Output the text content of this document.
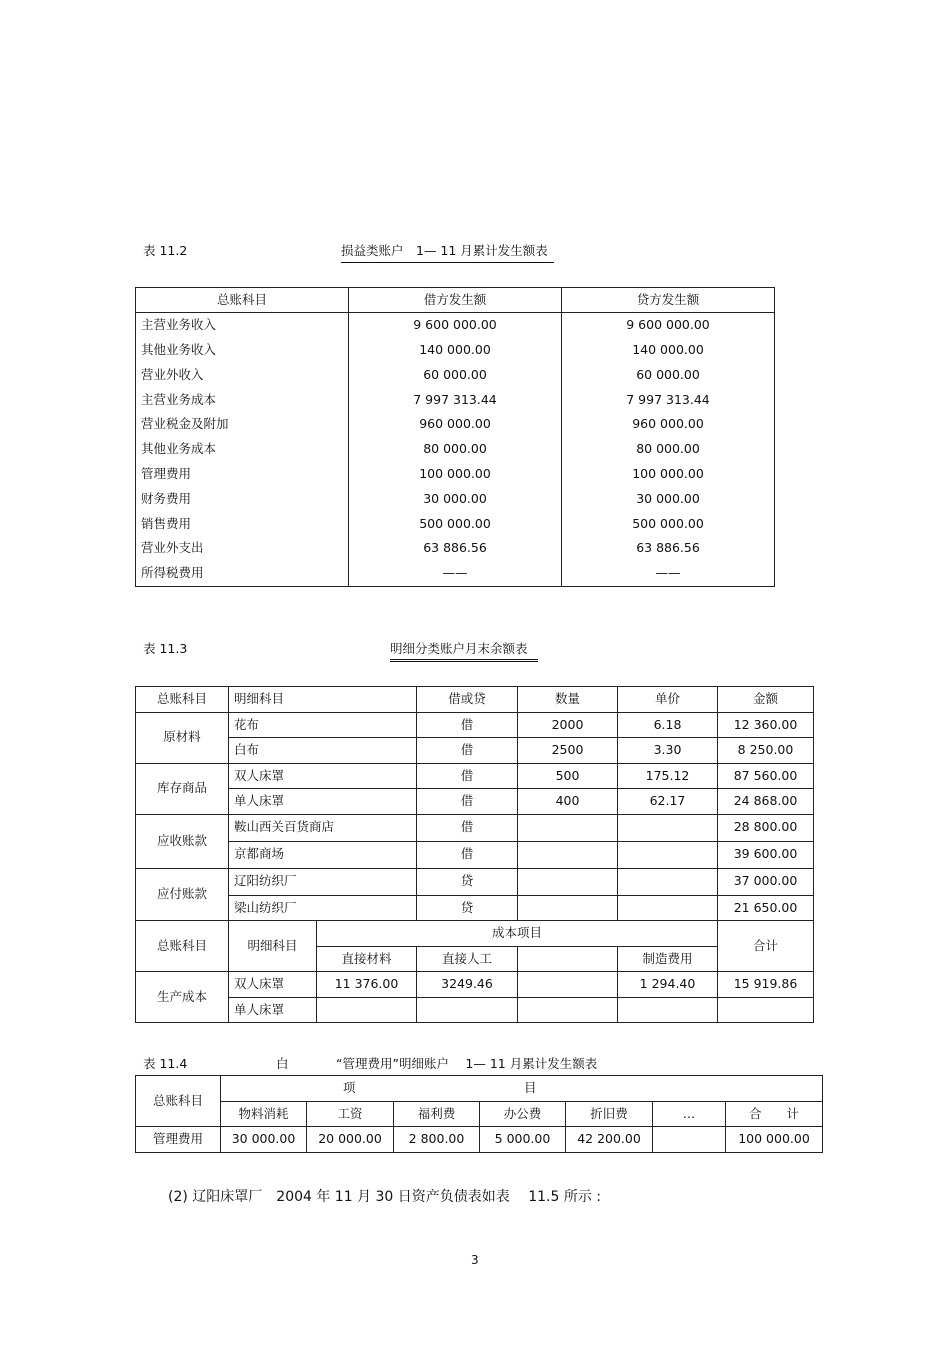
表 11.2	损益类账户　1— 11 月累计发生额表
总账科目	借方发生额	贷方发生额
主营业务收入	9 600 000.00	9 600 000.00
其他业务收入	140 000.00	140 000.00
营业外收入	60 000.00	60 000.00
主营业务成本	7 997 313.44	7 997 313.44
营业税金及附加	960 000.00	960 000.00
其他业务成本	80 000.00	80 000.00
管理费用	100 000.00	100 000.00
财务费用	30 000.00	30 000.00
销售费用	500 000.00	500 000.00
营业外支出	63 886.56	63 886.56
所得税费用	——	——
表 11.3	明细分类账户月末余额表
总账科目	明细科目		借或贷	数量	单价	金额
原材料	花布		借	2000	6.18	12 360.00
	白布		借	2500	3.30	8 250.00
库存商品	双人床罩		借	500	175.12	87 560.00
	单人床罩		借	400	62.17	24 868.00
应收账款	鞍山西关百货商店		借			28 800.00
	京都商场		借			39 600.00
应付账款	辽阳纺织厂		贷			37 000.00
	梁山纺织厂		贷			21 650.00
总账科目	明细科目	成本项目				合计
		直接材料	直接人工		制造费用	
生产成本	双人床罩	11 376.00	3249.46		1 294.40	15 919.86
	单人床罩					
表 11.4	白	“管理费用”明细账户　 1— 11 月累计发生额表
总账科目	项 目						

	物料消耗	工资	福利费	办公费	折旧费	…	合　　计
管理费用	30 000.00	20 000.00	2 800.00	5 000.00	42 200.00		100 000.00
(2) 辽阳床罩厂　2004 年 11 月 30 日资产负债表如表　 11.5 所示 :
3
